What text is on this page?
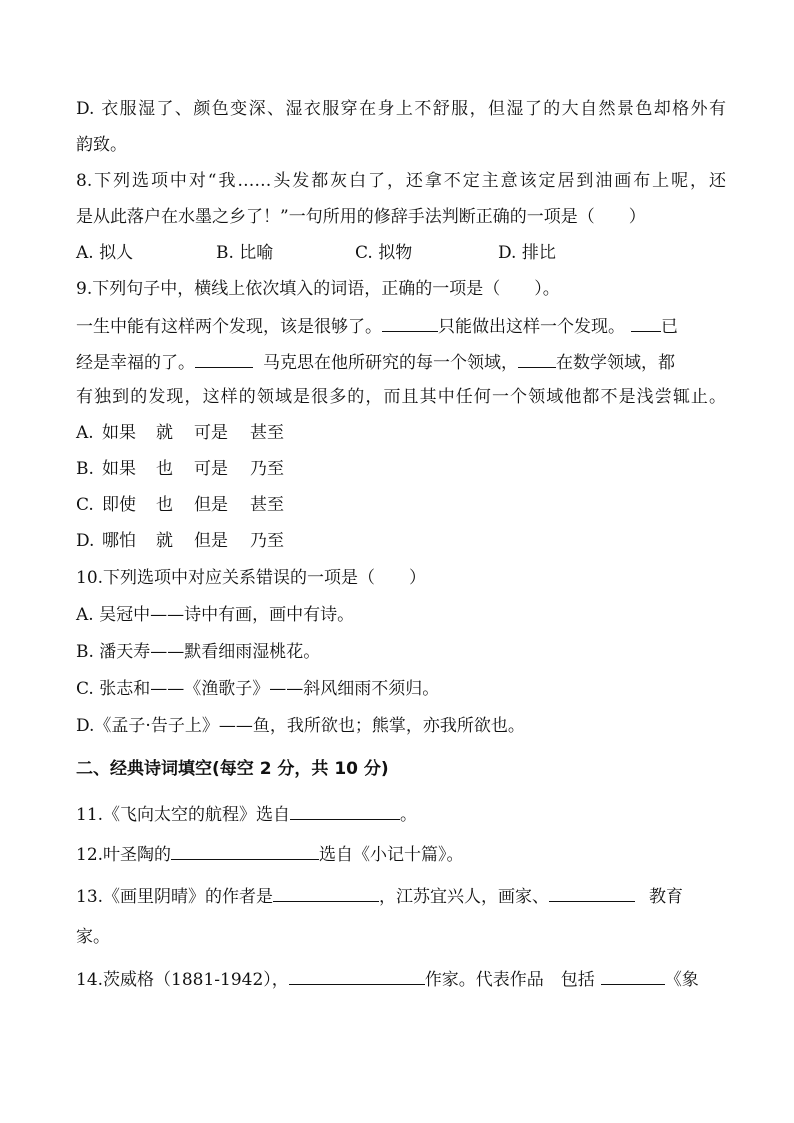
D. 衣服湿了、颜色变深、湿衣服穿在身上不舒服，但湿了的大自然景色却格外有
韵致。
8.下列选项中对“我……头发都灰白了，还拿不定主意该定居到油画布上呢，还
是从此落户在水墨之乡了！”一句所用的修辞手法判断正确的一项是（　　）
A. 拟人	B. 比喻	C. 拟物	D. 排比
9.下列句子中，横线上依次填入的词语，正确的一项是（　　）。
一生中能有这样两个发现，该是很够了。	只能做出这样一个发现。 已
经是幸福的了。	马克思在他所研究的每一个领域， 在数学领域，都
有独到的发现，这样的领域是很多的，而且其中任何一个领域他都不是浅尝辄止。
A. 如果 就 可是 甚至
B. 如果 也 可是 乃至
C. 即使 也 但是 甚至
D. 哪怕 就 但是 乃至
10.下列选项中对应关系错误的一项是（　　）
A. 吴冠中——诗中有画，画中有诗。
B. 潘天寿——默看细雨湿桃花。
C. 张志和——《渔歌子》——斜风细雨不须归。
D.《孟子·告子上》——鱼，我所欲也；熊掌，亦我所欲也。
二、经典诗词填空(每空 2 分，共 10 分)
11.《飞向太空的航程》选自	。
12.叶圣陶的	选自《小记十篇》。
13.《画里阴晴》的作者是	，江苏宜兴人，画家、	教育
家。
14.茨威格（1881-1942），	作家。代表作品　包括	《象
